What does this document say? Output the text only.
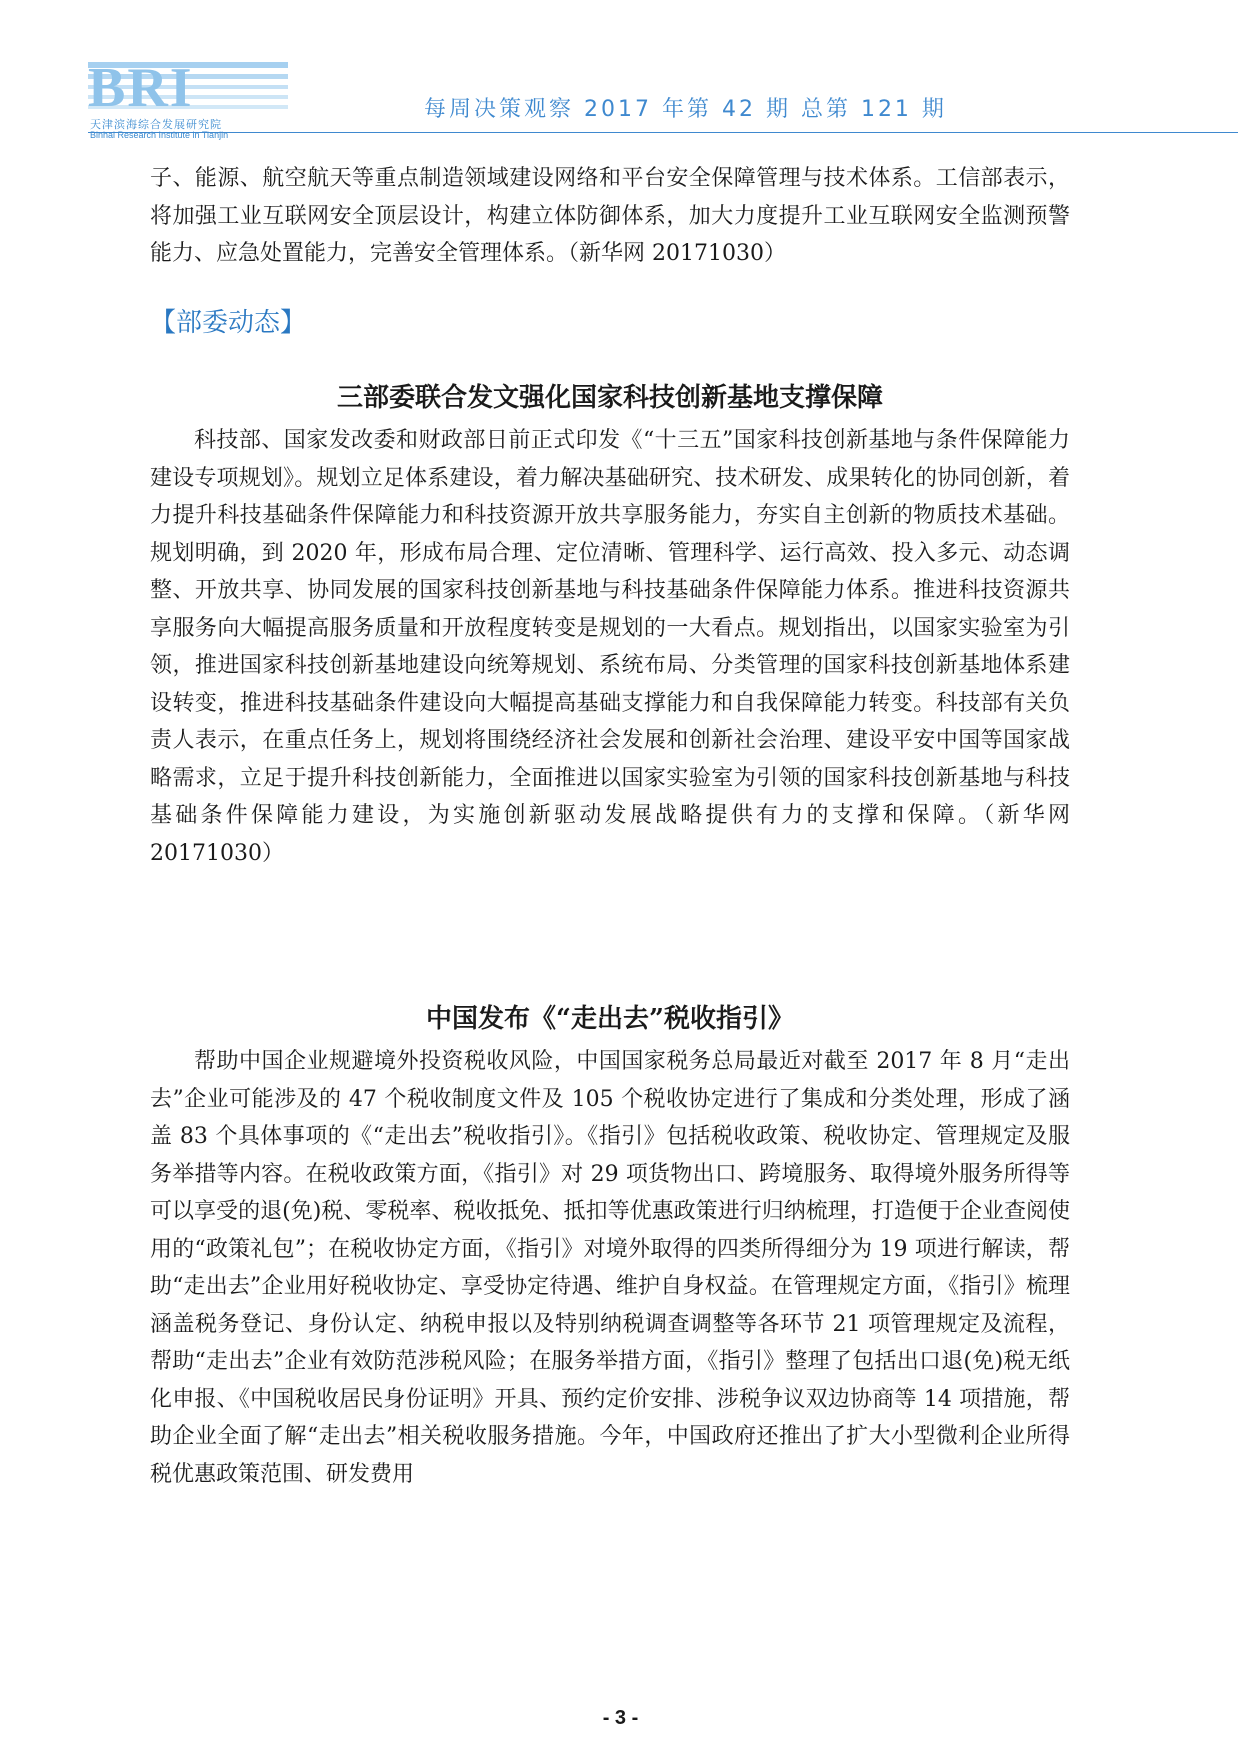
BRI
天津滨海综合发展研究院
Binhai Research Institute in Tianjin
每周决策观察 2017 年第 42 期 总第 121 期

子、能源、航空航天等重点制造领域建设网络和平台安全保障管理与技术体系。工信部表示，将加强工业互联网安全顶层设计，构建立体防御体系，加大力度提升工业互联网安全监测预警能力、应急处置能力，完善安全管理体系。（新华网 20171030）

【部委动态】
三部委联合发文强化国家科技创新基地支撑保障

科技部、国家发改委和财政部日前正式印发《“十三五”国家科技创新基地与条件保障能力建设专项规划》。规划立足体系建设，着力解决基础研究、技术研发、成果转化的协同创新，着力提升科技基础条件保障能力和科技资源开放共享服务能力，夯实自主创新的物质技术基础。规划明确，到 2020 年，形成布局合理、定位清晰、管理科学、运行高效、投入多元、动态调整、开放共享、协同发展的国家科技创新基地与科技基础条件保障能力体系。推进科技资源共享服务向大幅提高服务质量和开放程度转变是规划的一大看点。规划指出，以国家实验室为引领，推进国家科技创新基地建设向统筹规划、系统布局、分类管理的国家科技创新基地体系建设转变，推进科技基础条件建设向大幅提高基础支撑能力和自我保障能力转变。科技部有关负责人表示，在重点任务上，规划将围绕经济社会发展和创新社会治理、建设平安中国等国家战略需求，立足于提升科技创新能力，全面推进以国家实验室为引领的国家科技创新基地与科技基础条件保障能力建设，为实施创新驱动发展战略提供有力的支撑和保障。（新华网 20171030）

中国发布《“走出去”税收指引》

帮助中国企业规避境外投资税收风险，中国国家税务总局最近对截至 2017 年 8 月“走出去”企业可能涉及的 47 个税收制度文件及 105 个税收协定进行了集成和分类处理，形成了涵盖 83 个具体事项的《“走出去”税收指引》。《指引》包括税收政策、税收协定、管理规定及服务举措等内容。在税收政策方面，《指引》对 29 项货物出口、跨境服务、取得境外服务所得等可以享受的退(免)税、零税率、税收抵免、抵扣等优惠政策进行归纳梳理，打造便于企业查阅使用的“政策礼包”；在税收协定方面，《指引》对境外取得的四类所得细分为 19 项进行解读，帮助“走出去”企业用好税收协定、享受协定待遇、维护自身权益。在管理规定方面，《指引》梳理涵盖税务登记、身份认定、纳税申报以及特别纳税调查调整等各环节 21 项管理规定及流程，帮助“走出去”企业有效防范涉税风险；在服务举措方面，《指引》整理了包括出口退(免)税无纸化申报、《中国税收居民身份证明》开具、预约定价安排、涉税争议双边协商等 14 项措施，帮助企业全面了解“走出去”相关税收服务措施。今年，中国政府还推出了扩大小型微利企业所得税优惠政策范围、研发费用

- 3 -
